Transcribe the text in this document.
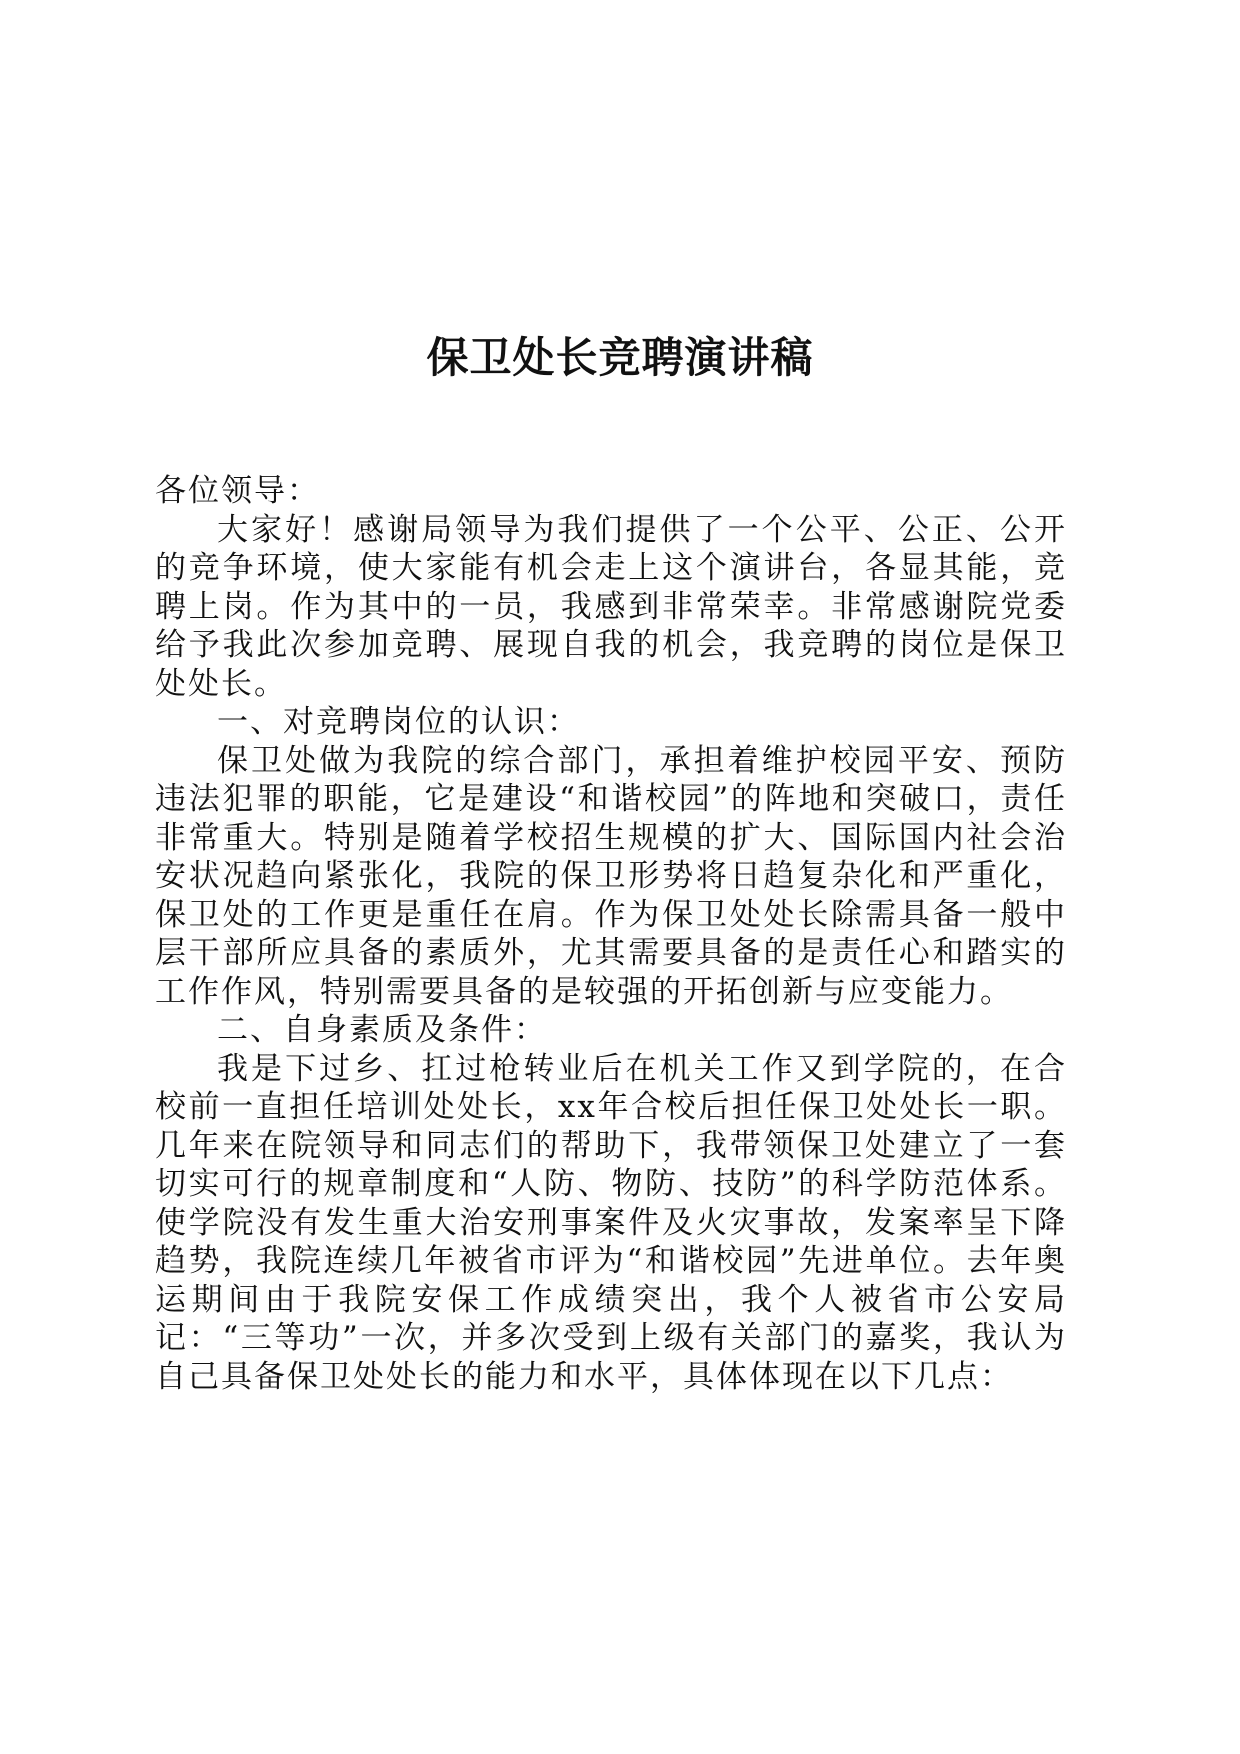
保卫处长竞聘演讲稿

各位领导：

大家好！感谢局领导为我们提供了一个公平、公正、公开的竞争环境，使大家能有机会走上这个演讲台，各显其能，竞聘上岗。作为其中的一员，我感到非常荣幸。非常感谢院党委给予我此次参加竞聘、展现自我的机会，我竞聘的岗位是保卫处处长。

一、对竞聘岗位的认识：

保卫处做为我院的综合部门，承担着维护校园平安、预防违法犯罪的职能，它是建设“和谐校园”的阵地和突破口，责任非常重大。特别是随着学校招生规模的扩大、国际国内社会治安状况趋向紧张化，我院的保卫形势将日趋复杂化和严重化，保卫处的工作更是重任在肩。作为保卫处处长除需具备一般中层干部所应具备的素质外，尤其需要具备的是责任心和踏实的工作作风，特别需要具备的是较强的开拓创新与应变能力。

二、自身素质及条件：

我是下过乡、扛过枪转业后在机关工作又到学院的，在合校前一直担任培训处处长，xx年合校后担任保卫处处长一职。几年来在院领导和同志们的帮助下，我带领保卫处建立了一套切实可行的规章制度和“人防、物防、技防”的科学防范体系。使学院没有发生重大治安刑事案件及火灾事故，发案率呈下降趋势，我院连续几年被省市评为“和谐校园”先进单位。去年奥运期间由于我院安保工作成绩突出，我个人被省市公安局记：“三等功”一次，并多次受到上级有关部门的嘉奖，我认为自己具备保卫处处长的能力和水平，具体体现在以下几点：
